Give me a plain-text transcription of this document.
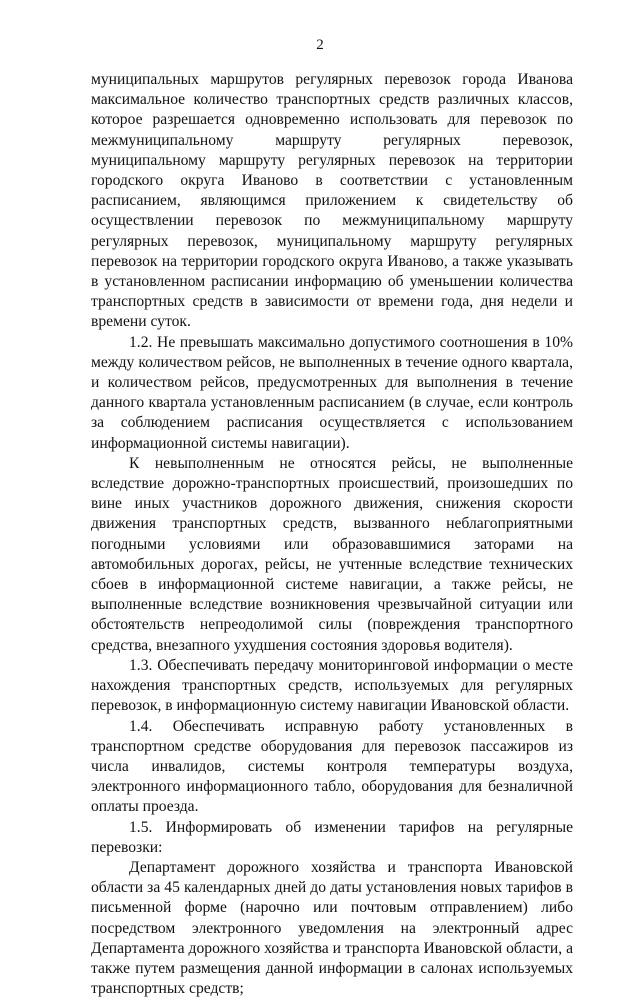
2

муниципальных маршрутов регулярных перевозок города Иванова максимальное количество транспортных средств различных классов, которое разрешается одновременно использовать для перевозок по межмуниципальному маршруту регулярных перевозок, муниципальному маршруту регулярных перевозок на территории городского округа Иваново в соответствии с установленным расписанием, являющимся приложением к свидетельству об осуществлении перевозок по межмуниципальному маршруту регулярных перевозок, муниципальному маршруту регулярных перевозок на территории городского округа Иваново, а также указывать в установленном расписании информацию об уменьшении количества транспортных средств в зависимости от времени года, дня недели и времени суток.

1.2. Не превышать максимально допустимого соотношения в 10% между количеством рейсов, не выполненных в течение одного квартала, и количеством рейсов, предусмотренных для выполнения в течение данного квартала установленным расписанием (в случае, если контроль за соблюдением расписания осуществляется с использованием информационной системы навигации).

К невыполненным не относятся рейсы, не выполненные вследствие дорожно-транспортных происшествий, произошедших по вине иных участников дорожного движения, снижения скорости движения транспортных средств, вызванного неблагоприятными погодными условиями или образовавшимися заторами на автомобильных дорогах, рейсы, не учтенные вследствие технических сбоев в информационной системе навигации, а также рейсы, не выполненные вследствие возникновения чрезвычайной ситуации или обстоятельств непреодолимой силы (повреждения транспортного средства, внезапного ухудшения состояния здоровья водителя).

1.3. Обеспечивать передачу мониторинговой информации о месте нахождения транспортных средств, используемых для регулярных перевозок, в информационную систему навигации Ивановской области.

1.4. Обеспечивать исправную работу установленных в транспортном средстве оборудования для перевозок пассажиров из числа инвалидов, системы контроля температуры воздуха, электронного информационного табло, оборудования для безналичной оплаты проезда.

1.5. Информировать об изменении тарифов на регулярные перевозки:

Департамент дорожного хозяйства и транспорта Ивановской области за 45 календарных дней до даты установления новых тарифов в письменной форме (нарочно или почтовым отправлением) либо посредством электронного уведомления на электронный адрес Департамента дорожного хозяйства и транспорта Ивановской области, а также путем размещения данной информации в салонах используемых транспортных средств;
